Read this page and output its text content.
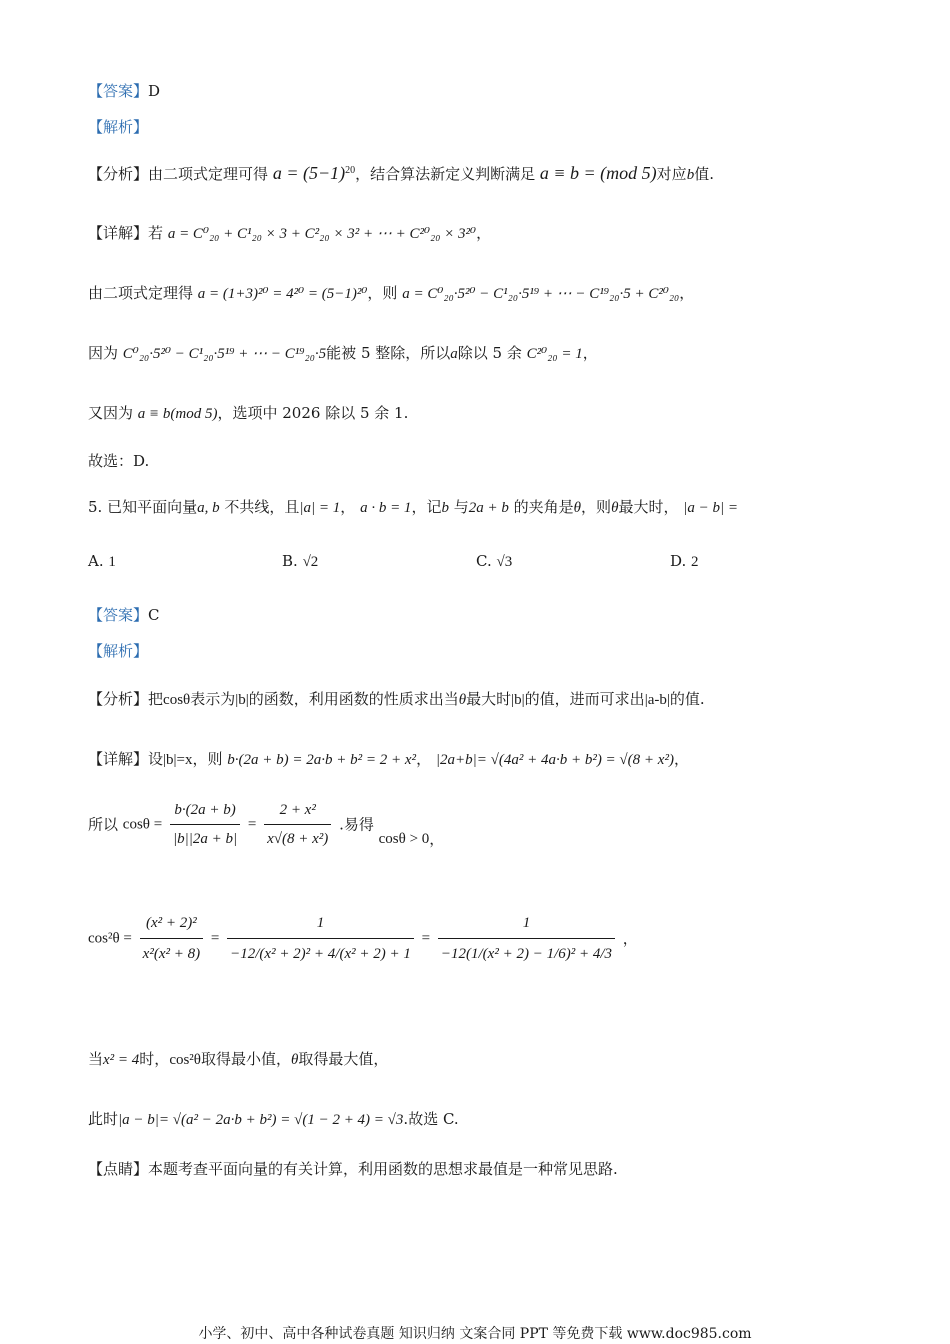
【答案】D
【解析】
【分析】由二项式定理可得 $a = (5-1)^{20}$，结合算法新定义判断满足 a ≡ b = (mod 5)对应b值.
【详解】若 a = C⁰₂₀ + C¹₂₀ × 3 + C²₂₀ × 3² + ⋯ + C²⁰₂₀ × 3²⁰，
由二项式定理得 a = (1+3)²⁰ = 4²⁰ = (5−1)²⁰，则 a = C⁰₂₀·5²⁰ − C¹₂₀·5¹⁹ + ⋯ − C¹⁹₂₀·5 + C²⁰₂₀，
因为 C⁰₂₀·5²⁰ − C¹₂₀·5¹⁹ + ⋯ − C¹⁹₂₀·5能被 5 整除，所以a除以 5 余 C²⁰₂₀ = 1，
又因为 a ≡ b(mod 5)，选项中 2026 除以 5 余 1.
故选：D.
5. 已知平面向量a, b 不共线，且|a| = 1， a · b = 1，记b 与2a + b 的夹角是θ，则θ最大时， |a − b| =
A. 1	B. √2	C. √3	D. 2
【答案】C
【解析】
【分析】把cosθ表示为|b|的函数，利用函数的性质求出当θ最大时|b|的值，进而可求出|a-b|的值.
【详解】设|b|=x，则 b·(2a + b) = 2a·b + b² = 2 + x²， |2a+b|= √(4a² + 4a·b + b²) = √(8 + x²)，
所以 $\cos\theta = \frac{b\cdot(2a + b)}{|b||2a + b|} = \frac{\text{2 + x²}}{\text{x√(8 + x²)}}$ .易得 cosθ > 0，
$\cos^2\theta = \frac{\text{(x² + 2)²}}{\text{x²(x² + 8)}} = \frac{1}{\text{−12/(x² + 2)² + 4/(x² + 2) + 1}} = \frac{1}{\text{−12(1/(x² + 2) − 1/6)² + 4/3}}$ ，
当x² = 4时，cos²θ取得最小值，θ取得最大值，
此时|a − b|= √(a² − 2a·b + b²) = √(1 − 2 + 4) = √3.故选 C.
【点睛】本题考查平面向量的有关计算，利用函数的思想求最值是一种常见思路.
小学、初中、高中各种试卷真题 知识归纳 文案合同 PPT 等免费下载 www.doc985.com
